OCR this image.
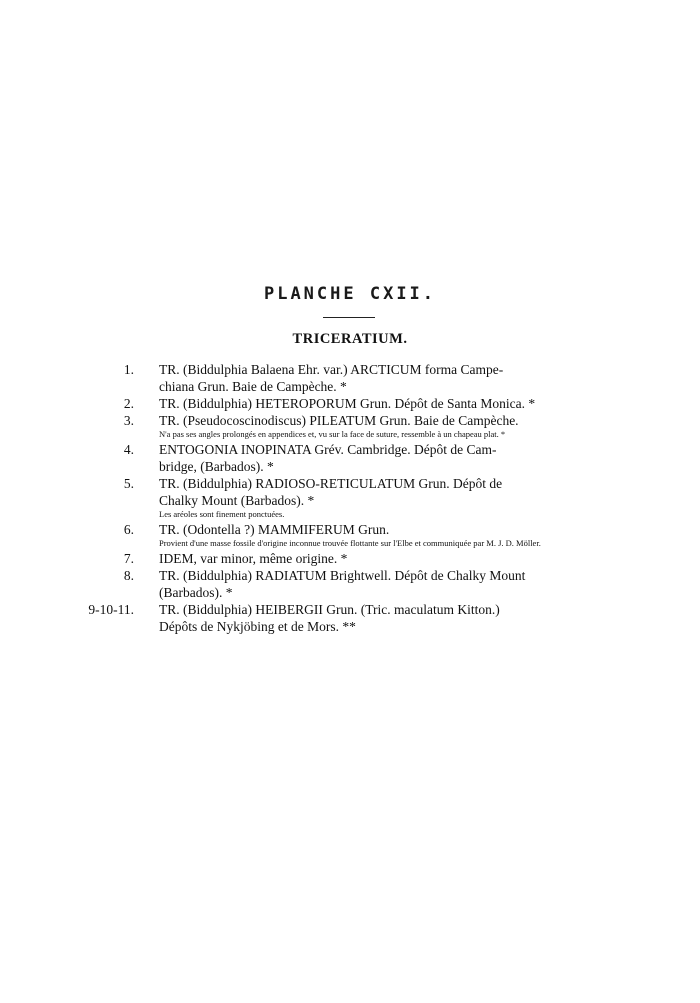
PLANCHE CXII.
TRICERATIUM.
1. TR. (Biddulphia Balaena Ehr. var.) ARCTICUM forma Campe-
chiana Grun. Baie de Campèche. *
2. TR. (Biddulphia) HETEROPORUM Grun. Dépôt de Santa Monica. *
3. TR. (Pseudocoscinodiscus) PILEATUM Grun. Baie de Campèche.
N'a pas ses angles prolongés en appendices et, vu sur la face de suture, ressemble à un chapeau plat. *
4. ENTOGONIA INOPINATA Grév. Cambridge. Dépôt de Cam-
bridge, (Barbados). *
5. TR. (Biddulphia) RADIOSO-RETICULATUM Grun. Dépôt de
Chalky Mount (Barbados). *
Les aréoles sont finement ponctuées.
6. TR. (Odontella ?) MAMMIFERUM Grun.
Provient d'une masse fossile d'origine inconnue trouvée flottante sur l'Elbe et communiquée par M. J. D. Möller.
7. IDEM, var minor, même origine. *
8. TR. (Biddulphia) RADIATUM Brightwell. Dépôt de Chalky Mount
(Barbados). *
9-10-11. TR. (Biddulphia) HEIBERGII Grun. (Tric. maculatum Kitton.)
Dépôts de Nykjöbing et de Mors. **
